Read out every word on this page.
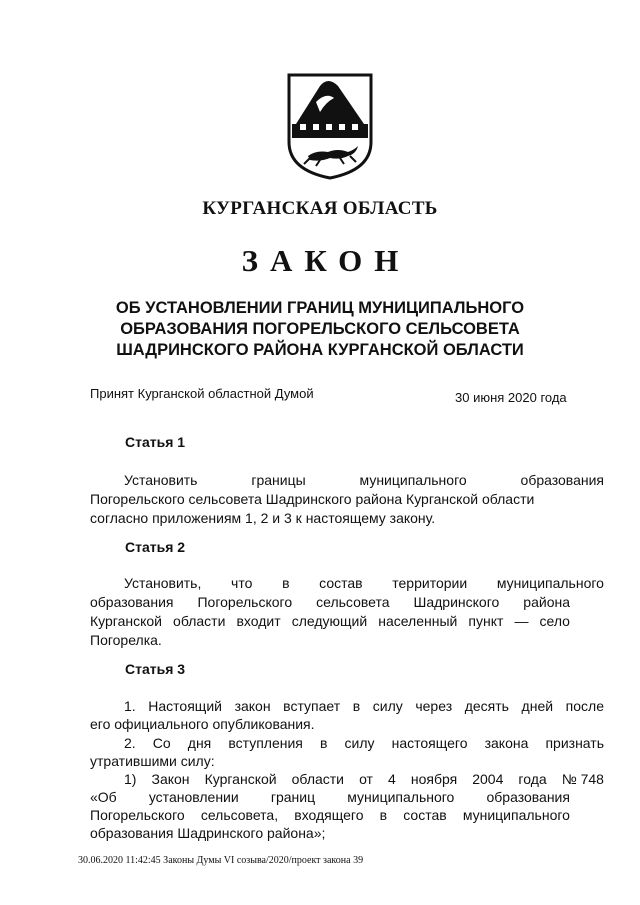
КУРГАНСКАЯ ОБЛАСТЬ
ЗАКОН
ОБ УСТАНОВЛЕНИИ ГРАНИЦ МУНИЦИПАЛЬНОГО
ОБРАЗОВАНИЯ ПОГОРЕЛЬСКОГО СЕЛЬСОВЕТА
ШАДРИНСКОГО РАЙОНА КУРГАНСКОЙ ОБЛАСТИ
Принят Курганской областной Думой	30 июня 2020 года
Статья 1
Установить	границы	муниципального	образования
Погорельского сельсовета Шадринского района Курганской области
согласно приложениям 1, 2 и 3 к настоящему закону.
Статья 2
Установить, что в состав территории муниципального
образования Погорельского сельсовета Шадринского района
Курганской области входит следующий населенный пункт — село
Погорелка.
Статья 3
1. Настоящий закон вступает в силу через десять дней после
его официального опубликования.
2. Со дня вступления в силу настоящего закона признать
утратившими силу:
1) Закон Курганской области от 4 ноября 2004 года № 748
«Об установлении границ муниципального образования
Погорельского сельсовета, входящего в состав муниципального
образования Шадринского района»;
30.06.2020 11:42:45 Законы Думы VI созыва/2020/проект закона 39
